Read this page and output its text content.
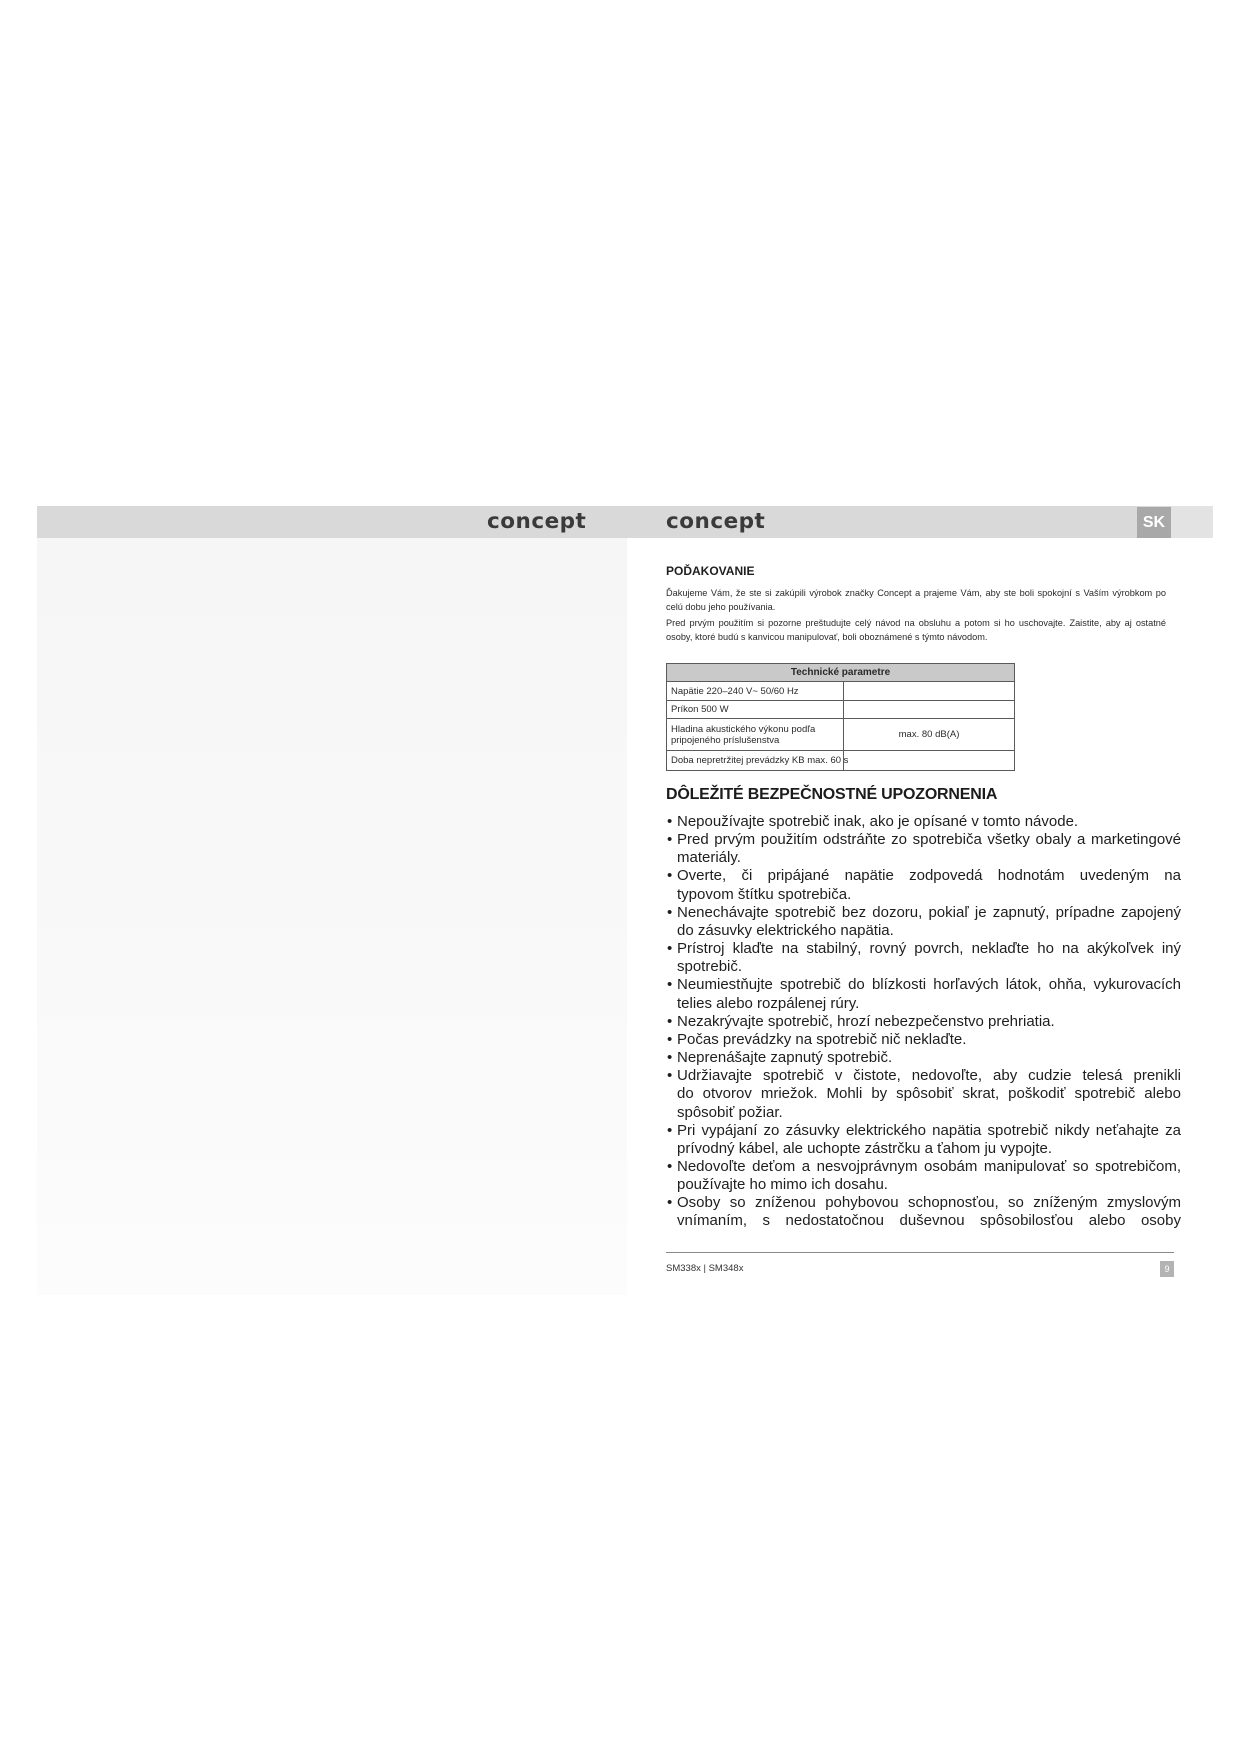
concept	concept	SK
POĎAKOVANIE
Ďakujeme Vám, že ste si zakúpili výrobok značky Concept a prajeme Vám, aby ste boli spokojní s Vaším výrobkom po
celú dobu jeho používania.
Pred prvým použitím si pozorne preštudujte celý návod na obsluhu a potom si ho uschovajte. Zaistite, aby aj ostatné
osoby, ktoré budú s kanvicou manipulovať, boli oboznámené s týmto návodom.
Technické parametre	
Napätie 220–240 V~ 50/60 Hz	
Príkon 500 W	
Hladina akustického výkonu podľa pripojeného príslušenstva	max. 80 dB(A)
Doba nepretržitej prevádzky KB max. 60 s	
DÔLEŽITÉ BEZPEČNOSTNÉ UPOZORNENIA
•
Nepoužívajte spotrebič inak, ako je opísané v tomto návode.
•
Pred prvým použitím odstráňte zo spotrebiča všetky obaly a marketingové
materiály.
•
Overte, či pripájané napätie zodpovedá hodnotám uvedeným na
typovom štítku spotrebiča.
•
Nenechávajte spotrebič bez dozoru, pokiaľ je zapnutý, prípadne zapojený
do zásuvky elektrického napätia.
•
Prístroj klaďte na stabilný, rovný povrch, neklaďte ho na akýkoľvek iný
spotrebič.
•
Neumiestňujte spotrebič do blízkosti horľavých látok, ohňa, vykurovacích
telies alebo rozpálenej rúry.
•
Nezakrývajte spotrebič, hrozí nebezpečenstvo prehriatia.
•
Počas prevádzky na spotrebič nič neklaďte.
•
Neprenášajte zapnutý spotrebič.
•
Udržiavajte spotrebič v čistote, nedovoľte, aby cudzie telesá prenikli
do otvorov mriežok. Mohli by spôsobiť skrat, poškodiť spotrebič alebo
spôsobiť požiar.
•
Pri vypájaní zo zásuvky elektrického napätia spotrebič nikdy neťahajte za
prívodný kábel, ale uchopte zástrčku a ťahom ju vypojte.
•
Nedovoľte deťom a nesvojprávnym osobám manipulovať so spotrebičom,
používajte ho mimo ich dosahu.
•
Osoby so zníženou pohybovou schopnosťou, so zníženým zmyslovým
vnímaním, s nedostatočnou duševnou spôsobilosťou alebo osoby
SM338x | SM348x	9
